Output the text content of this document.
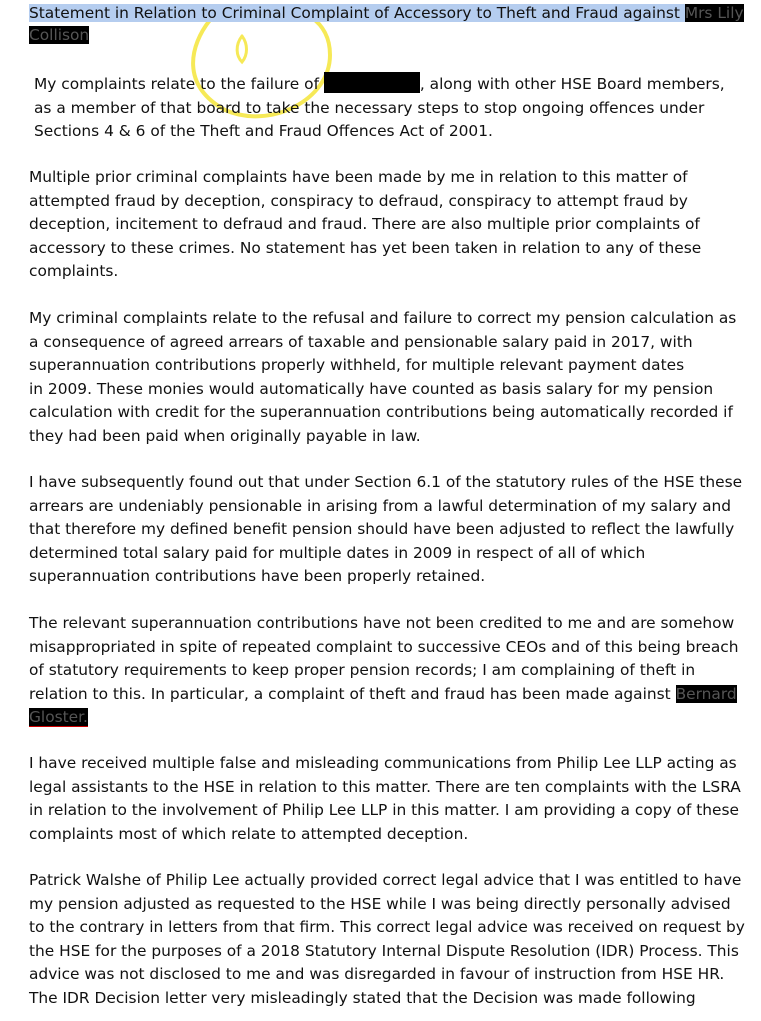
Statement in Relation to Criminal Complaint of Accessory to Theft and Fraud against Mrs Lily
Collison
My complaints relate to the failure of	, along with other HSE Board members,
as a member of that board to take the necessary steps to stop ongoing offences under
Sections 4 & 6 of the Theft and Fraud Offences Act of 2001.
Multiple prior criminal complaints have been made by me in relation to this matter of
attempted fraud by deception, conspiracy to defraud, conspiracy to attempt fraud by
deception, incitement to defraud and fraud. There are also multiple prior complaints of
accessory to these crimes. No statement has yet been taken in relation to any of these
complaints.
My criminal complaints relate to the refusal and failure to correct my pension calculation as
a consequence of agreed arrears of taxable and pensionable salary paid in 2017, with
superannuation contributions properly withheld, for multiple relevant payment dates
in 2009. These monies would automatically have counted as basis salary for my pension
calculation with credit for the superannuation contributions being automatically recorded if
they had been paid when originally payable in law.
I have subsequently found out that under Section 6.1 of the statutory rules of the HSE these
arrears are undeniably pensionable in arising from a lawful determination of my salary and
that therefore my defined benefit pension should have been adjusted to reflect the lawfully
determined total salary paid for multiple dates in 2009 in respect of all of which
superannuation contributions have been properly retained.
The relevant superannuation contributions have not been credited to me and are somehow
misappropriated in spite of repeated complaint to successive CEOs and of this being breach
of statutory requirements to keep proper pension records; I am complaining of theft in
relation to this. In particular, a complaint of theft and fraud has been made against Bernard
Gloster.
I have received multiple false and misleading communications from Philip Lee LLP acting as
legal assistants to the HSE in relation to this matter. There are ten complaints with the LSRA
in relation to the involvement of Philip Lee LLP in this matter. I am providing a copy of these
complaints most of which relate to attempted deception.
Patrick Walshe of Philip Lee actually provided correct legal advice that I was entitled to have
my pension adjusted as requested to the HSE while I was being directly personally advised
to the contrary in letters from that firm. This correct legal advice was received on request by
the HSE for the purposes of a 2018 Statutory Internal Dispute Resolution (IDR) Process. This
advice was not disclosed to me and was disregarded in favour of instruction from HSE HR.
The IDR Decision letter very misleadingly stated that the Decision was made following
